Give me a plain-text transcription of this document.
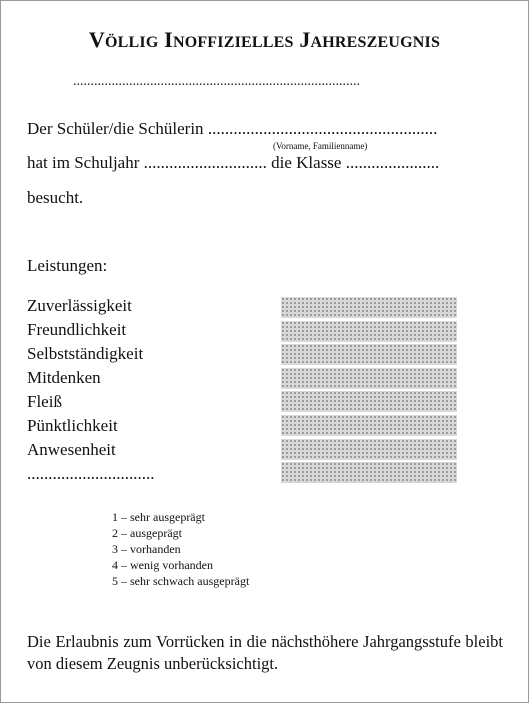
VÖLLIG INOFFIZIELLES JAHRESZEUGNIS
..................................................................................
Der Schüler/die Schülerin ......................................................
(Vorname, Familienname)
hat im Schuljahr ............................. die Klasse ......................
besucht.
Leistungen:
Zuverlässigkeit
Freundlichkeit
Selbstständigkeit
Mitdenken
Fleiß
Pünktlichkeit
Anwesenheit
..............................
1 – sehr ausgeprägt
2 – ausgeprägt
3 – vorhanden
4 – wenig vorhanden
5 – sehr schwach ausgeprägt
Die Erlaubnis zum Vorrücken in die nächsthöhere Jahrgangsstufe bleibt von diesem Zeugnis unberücksichtigt.
